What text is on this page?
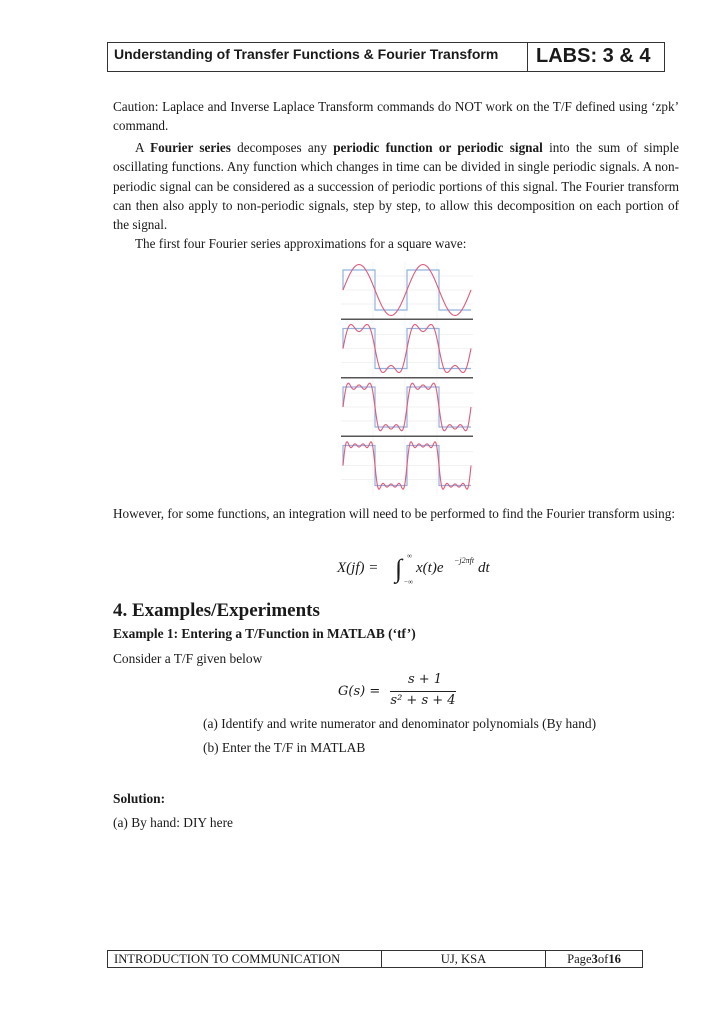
Understanding of Transfer Functions & Fourier Transform	LABS: 3 & 4
Caution: Laplace and Inverse Laplace Transform commands do NOT work on the T/F defined using ‘zpk’ command.
A Fourier series decomposes any periodic function or periodic signal into the sum of simple oscillating functions. Any function which changes in time can be divided in single periodic signals. A non-periodic signal can be considered as a succession of periodic portions of this signal. The Fourier transform can then also apply to non-periodic signals, step by step, to allow this decomposition on each portion of the signal.
The first four Fourier series approximations for a square wave:
However, for some functions, an integration will need to be performed to find the Fourier transform using:
X(jf) = ∫ ∞
−∞
x(t)e −j2πft dt
4. Examples/Experiments
Example 1: Entering a T/Function in MATLAB (‘tf’)
Consider a T/F given below
G(s) =
s + 1
s² + s + 4
(a) Identify and write numerator and denominator polynomials (By hand)
(b) Enter the T/F in MATLAB
Solution:
(a) By hand: DIY here
INTRODUCTION TO COMMUNICATION	UJ, KSA	Page 3 of 16
